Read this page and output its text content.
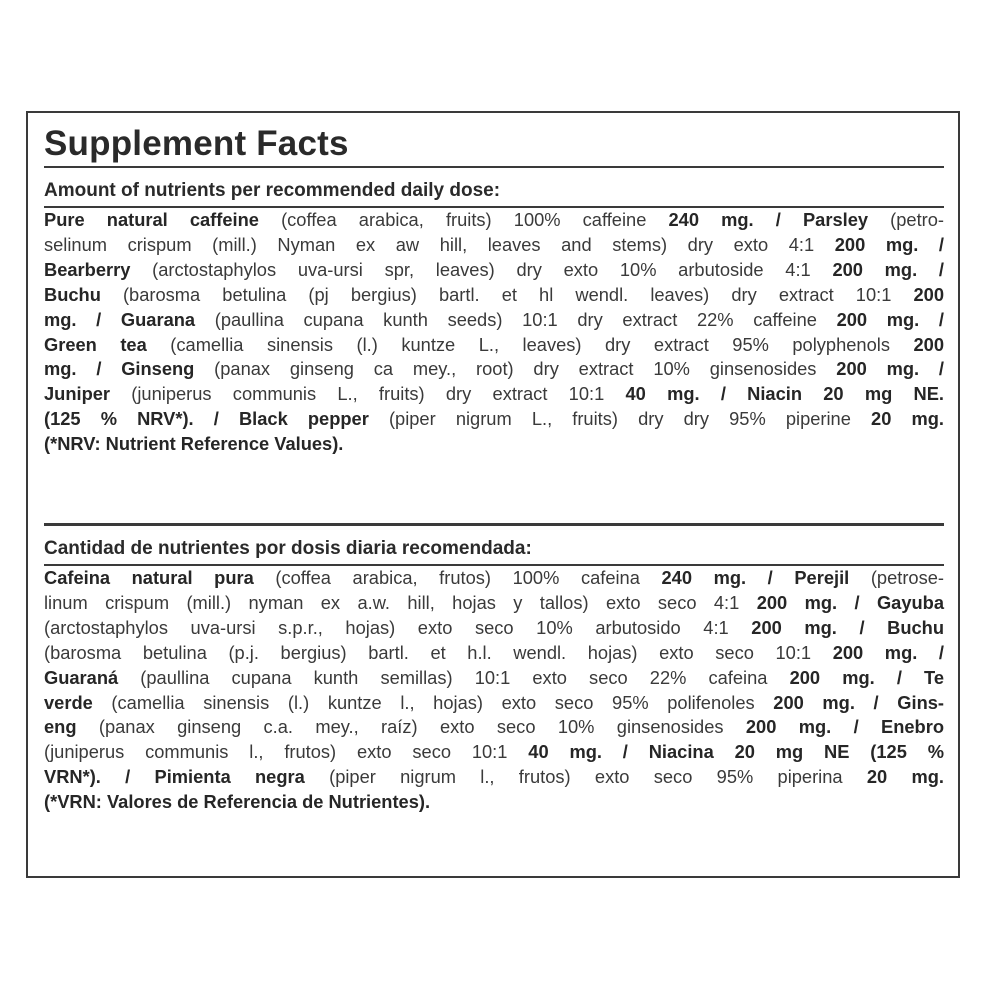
Supplement Facts
Amount of nutrients per recommended daily dose:
Pure natural caffeine (coffea arabica, fruits) 100% caffeine 240 mg. / Parsley (petro-
selinum crispum (mill.) Nyman ex aw hill, leaves and stems) dry exto 4:1 200 mg. /
Bearberry (arctostaphylos uva-ursi spr, leaves) dry exto 10% arbutoside 4:1 200 mg. /
Buchu (barosma betulina (pj bergius) bartl. et hl wendl. leaves) dry extract 10:1 200
mg. / Guarana (paullina cupana kunth seeds) 10:1 dry extract 22% caffeine 200 mg. /
Green tea (camellia sinensis (l.) kuntze L., leaves) dry extract 95% polyphenols 200
mg. / Ginseng (panax ginseng ca mey., root) dry extract 10% ginsenosides 200 mg. /
Juniper (juniperus communis L., fruits) dry extract 10:1 40 mg. / Niacin 20 mg NE.
(125 % NRV*). / Black pepper (piper nigrum L., fruits) dry dry 95% piperine 20 mg.
(*NRV: Nutrient Reference Values).
Cantidad de nutrientes por dosis diaria recomendada:
Cafeina natural pura (coffea arabica, frutos) 100% cafeina 240 mg. / Perejil (petrose-
linum crispum (mill.) nyman ex a.w. hill, hojas y tallos) exto seco 4:1 200 mg. / Gayuba
(arctostaphylos uva-ursi s.p.r., hojas) exto seco 10% arbutosido 4:1 200 mg. / Buchu
(barosma betulina (p.j. bergius) bartl. et h.l. wendl. hojas) exto seco 10:1 200 mg. /
Guaraná (paullina cupana kunth semillas) 10:1 exto seco 22% cafeina 200 mg. / Te
verde (camellia sinensis (l.) kuntze l., hojas) exto seco 95% polifenoles 200 mg. / Gins-
eng (panax ginseng c.a. mey., raíz) exto seco 10% ginsenosides 200 mg. / Enebro
(juniperus communis l., frutos) exto seco 10:1 40 mg. / Niacina 20 mg NE (125 %
VRN*). / Pimienta negra (piper nigrum l., frutos) exto seco 95% piperina 20 mg.
(*VRN: Valores de Referencia de Nutrientes).
